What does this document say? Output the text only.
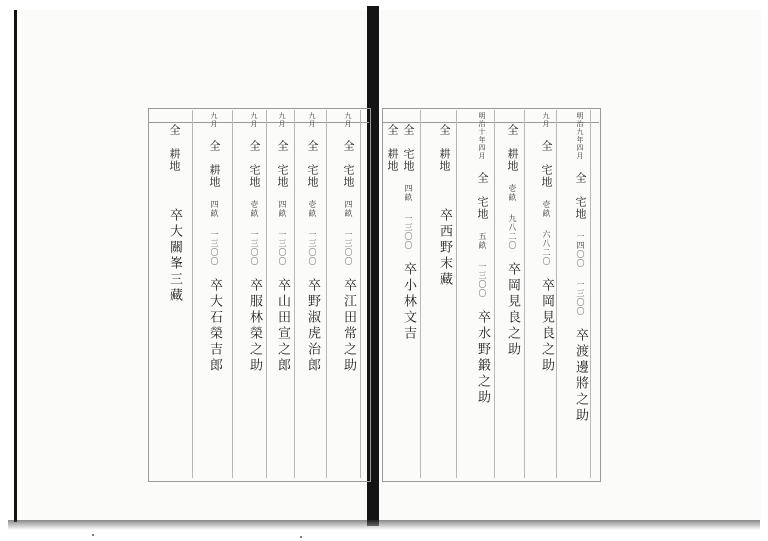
明治九年四月　全　宅地　一四〇〇　一三〇〇　卒渡邊將之助
九月　全　宅地　壱畝　六八二〇　卒岡見良之助
　全　耕地　壱畝　九八二〇　卒岡見良之助
明治十年四月　全　宅地　五畝　一三〇〇　卒水野鍛之助
　全　耕地　　　卒西野末藏
　全　宅地　四畝　一三〇〇　卒小林文吉
　全　耕地　　　
九月　全　宅地　四畝　一三〇〇　卒江田常之助
九月　全　宅地　壱畝　一三〇〇　卒野淑虎治郎
九月　全　宅地　四畝　一三〇〇　卒山田宣之郎
九月　全　宅地　壱畝　一三〇〇　卒服林榮之助
九月　全　耕地　四畝　一三〇〇　卒大石榮吉郎
　全　耕地　　　卒大關峯三藏
